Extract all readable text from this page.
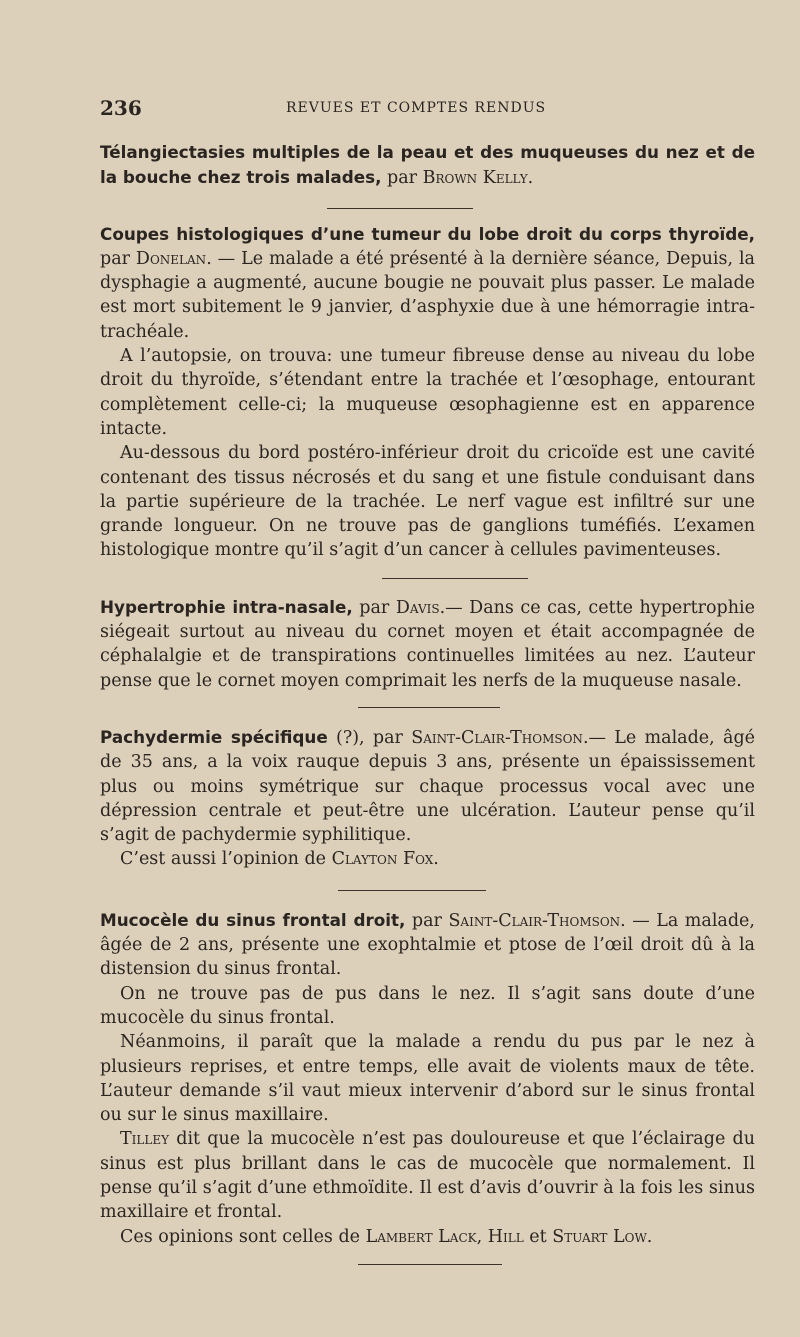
236	REVUES ET COMPTES RENDUS

Télangiectasies multiples de la peau et des muqueuses du nez et de la bouche chez trois malades, par Brown Kelly.

Coupes histologiques d’une tumeur du lobe droit du corps thyroïde, par Donelan. — Le malade a été présenté à la dernière séance, Depuis, la dysphagie a augmenté, aucune bougie ne pouvait plus passer. Le malade est mort subitement le 9 janvier, d’asphyxie due à une hémorragie intra-trachéale.

A l’autopsie, on trouva: une tumeur fibreuse dense au niveau du lobe droit du thyroïde, s’étendant entre la trachée et l’œsophage, entourant complètement celle-ci; la muqueuse œsophagienne est en apparence intacte.

Au-dessous du bord postéro-inférieur droit du cricoïde est une cavité contenant des tissus nécrosés et du sang et une fistule conduisant dans la partie supérieure de la trachée. Le nerf vague est infiltré sur une grande longueur. On ne trouve pas de ganglions tuméfiés. L’examen histologique montre qu’il s’agit d’un cancer à cellules pavimenteuses.

Hypertrophie intra-nasale, par Davis.— Dans ce cas, cette hypertrophie siégeait surtout au niveau du cornet moyen et était accompagnée de céphalalgie et de transpirations continuelles limitées au nez. L’auteur pense que le cornet moyen comprimait les nerfs de la muqueuse nasale.

Pachydermie spécifique (?), par Saint-Clair-Thomson.— Le malade, âgé de 35 ans, a la voix rauque depuis 3 ans, présente un épaississement plus ou moins symétrique sur chaque processus vocal avec une dépression centrale et peut-être une ulcération. L’auteur pense qu’il s’agit de pachydermie syphilitique.

C’est aussi l’opinion de Clayton Fox.

Mucocèle du sinus frontal droit, par Saint-Clair-Thomson. — La malade, âgée de 2 ans, présente une exophtalmie et ptose de l’œil droit dû à la distension du sinus frontal.

On ne trouve pas de pus dans le nez. Il s’agit sans doute d’une mucocèle du sinus frontal.

Néanmoins, il paraît que la malade a rendu du pus par le nez à plusieurs reprises, et entre temps, elle avait de violents maux de tête. L’auteur demande s’il vaut mieux intervenir d’abord sur le sinus frontal ou sur le sinus maxillaire.

Tilley dit que la mucocèle n’est pas douloureuse et que l’éclairage du sinus est plus brillant dans le cas de mucocèle que normalement. Il pense qu’il s’agit d’une ethmoïdite. Il est d’avis d’ouvrir à la fois les sinus maxillaire et frontal.

Ces opinions sont celles de Lambert Lack, Hill et Stuart Low.
